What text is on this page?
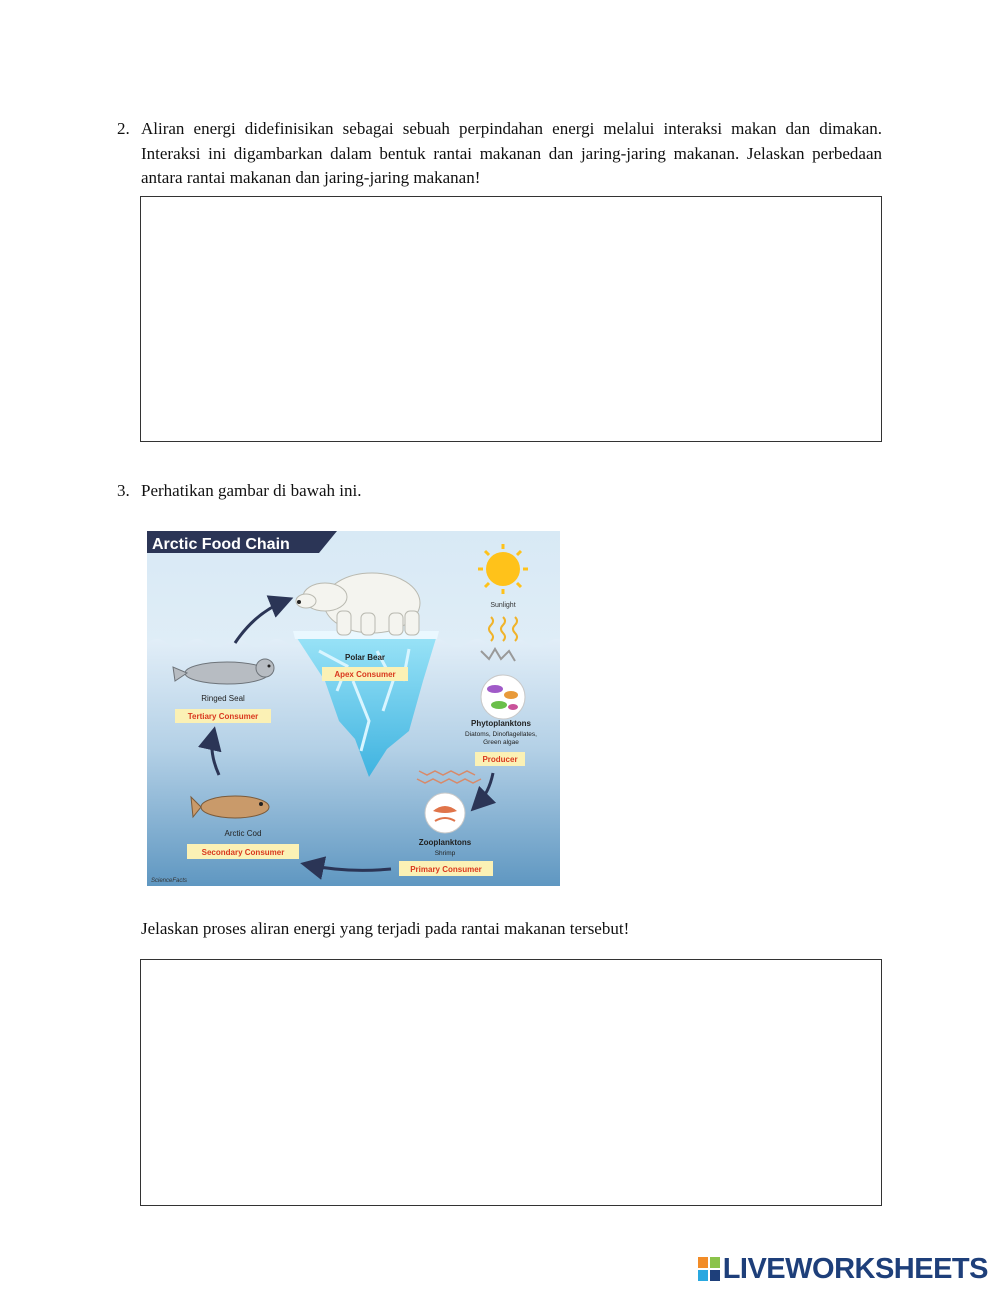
2. Aliran energi didefinisikan sebagai sebuah perpindahan energi melalui interaksi makan dan dimakan. Interaksi ini digambarkan dalam bentuk rantai makanan dan jaring-jaring makanan. Jelaskan perbedaan antara rantai makanan dan jaring-jaring makanan!
3. Perhatikan gambar di bawah ini.
Arctic Food Chain
Polar Bear
Apex Consumer
Sunlight
Phytoplanktons
Diatoms, Dinoflagellates,
Green algae
Producer
Zooplanktons
Shrimp
Primary Consumer
Arctic Cod
Secondary Consumer
Ringed Seal
Tertiary Consumer
ScienceFacts
Jelaskan proses aliran energi yang terjadi pada rantai makanan tersebut!
LIVEWORKSHEETS
